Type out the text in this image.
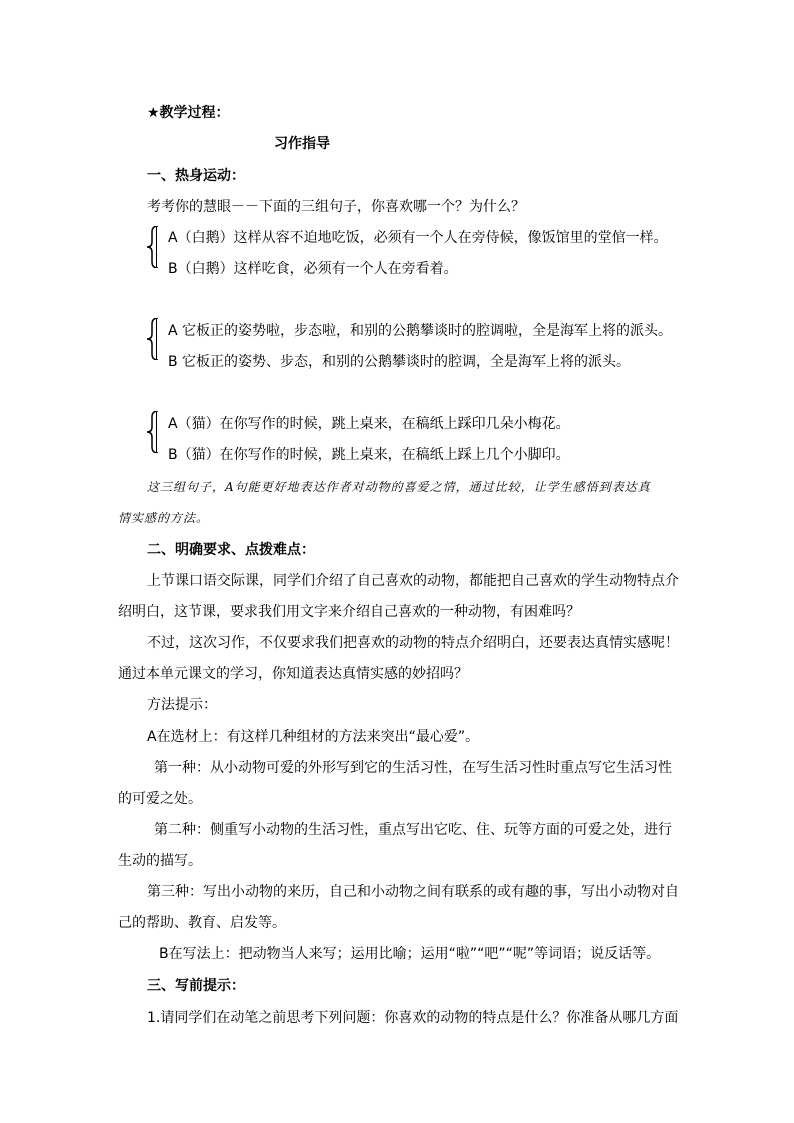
★教学过程：
习作指导
一、热身运动：
考考你的慧眼－－下面的三组句子，你喜欢哪一个？为什么？
A（白鹅）这样从容不迫地吃饭，必须有一个人在旁侍候，像饭馆里的堂倌一样。
B（白鹅）这样吃食，必须有一个人在旁看着。
A 它板正的姿势啦，步态啦，和别的公鹅攀谈时的腔调啦，全是海军上将的派头。
B 它板正的姿势、步态，和别的公鹅攀谈时的腔调，全是海军上将的派头。
A（猫）在你写作的时候，跳上桌来，在稿纸上踩印几朵小梅花。
B（猫）在你写作的时候，跳上桌来，在稿纸上踩上几个小脚印。
这三组句子，A句能更好地表达作者对动物的喜爱之情，通过比较，让学生感悟到表达真
情实感的方法。
二、明确要求、点拨难点：
上节课口语交际课，同学们介绍了自己喜欢的动物，都能把自己喜欢的学生动物特点介
绍明白，这节课，要求我们用文字来介绍自己喜欢的一种动物，有困难吗？
不过，这次习作，不仅要求我们把喜欢的动物的特点介绍明白，还要表达真情实感呢！
通过本单元课文的学习，你知道表达真情实感的妙招吗？
方法提示：
A在选材上：有这样几种组材的方法来突出“最心爱”。
第一种：从小动物可爱的外形写到它的生活习性，在写生活习性时重点写它生活习性
的可爱之处。
第二种：侧重写小动物的生活习性，重点写出它吃、住、玩等方面的可爱之处，进行
生动的描写。
第三种：写出小动物的来历，自己和小动物之间有联系的或有趣的事，写出小动物对自
己的帮助、教育、启发等。
B在写法上：把动物当人来写；运用比喻；运用“啦”“吧”“呢”等词语；说反话等。
三、写前提示：
1.请同学们在动笔之前思考下列问题：你喜欢的动物的特点是什么？你准备从哪几方面
